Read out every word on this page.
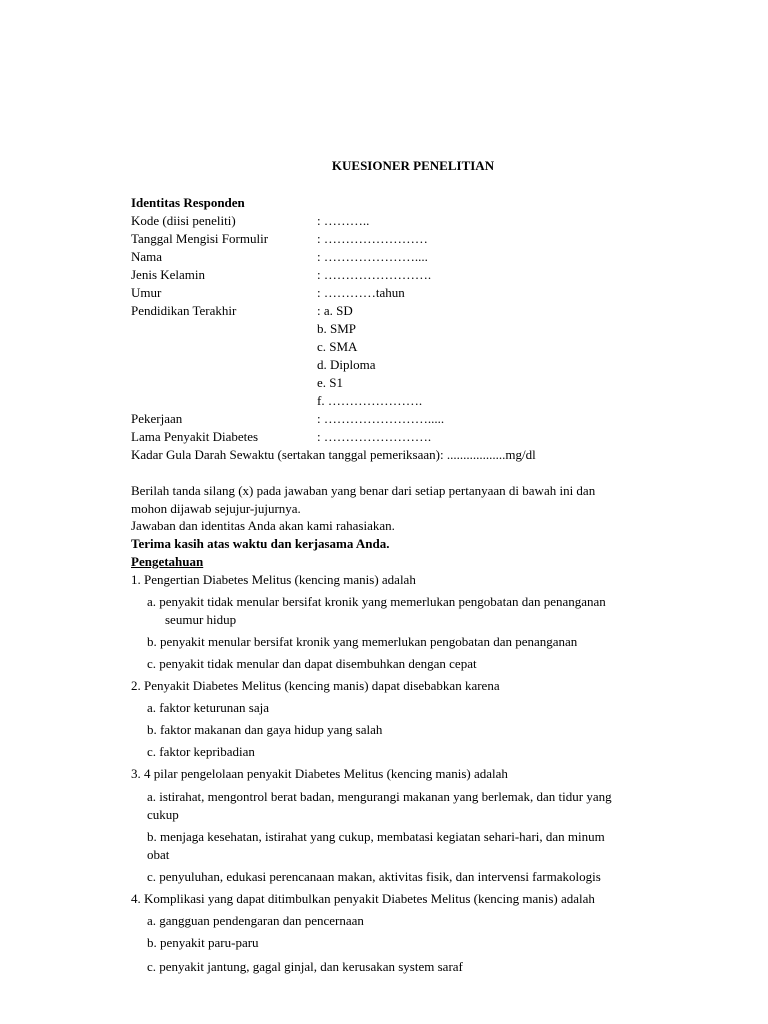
KUESIONER PENELITIAN
Identitas Responden
Kode (diisi peneliti)	: ………..
Tanggal Mengisi Formulir	: ……………………
Nama	: …………………....
Jenis Kelamin	: …………………….
Umur	: …………tahun
Pendidikan Terakhir	: a. SD
b. SMP
c. SMA
d. Diploma
e. S1
f. ………………….
Pekerjaan	: …………………….....
Lama Penyakit Diabetes	: …………………….
Kadar Gula Darah Sewaktu (sertakan tanggal pemeriksaan): ..................mg/dl
Berilah tanda silang (x) pada jawaban yang benar dari setiap pertanyaan di bawah ini dan
mohon dijawab sejujur-jujurnya.
Jawaban dan identitas Anda akan kami rahasiakan.
Terima kasih atas waktu dan kerjasama Anda.
Pengetahuan
1. Pengertian Diabetes Melitus (kencing manis) adalah
a. penyakit tidak menular bersifat kronik yang memerlukan pengobatan dan penanganan
seumur hidup
b. penyakit menular bersifat kronik yang memerlukan pengobatan dan penanganan
c. penyakit tidak menular dan dapat disembuhkan dengan cepat
2. Penyakit Diabetes Melitus (kencing manis) dapat disebabkan karena
a. faktor keturunan saja
b. faktor makanan dan gaya hidup yang salah
c. faktor kepribadian
3. 4 pilar pengelolaan penyakit Diabetes Melitus (kencing manis) adalah
a. istirahat, mengontrol berat badan, mengurangi makanan yang berlemak, dan tidur yang
cukup
b. menjaga kesehatan, istirahat yang cukup, membatasi kegiatan sehari-hari, dan minum
obat
c. penyuluhan, edukasi perencanaan makan, aktivitas fisik, dan intervensi farmakologis
4. Komplikasi yang dapat ditimbulkan penyakit Diabetes Melitus (kencing manis) adalah
a. gangguan pendengaran dan pencernaan
b. penyakit paru-paru
c. penyakit jantung, gagal ginjal, dan kerusakan system saraf
